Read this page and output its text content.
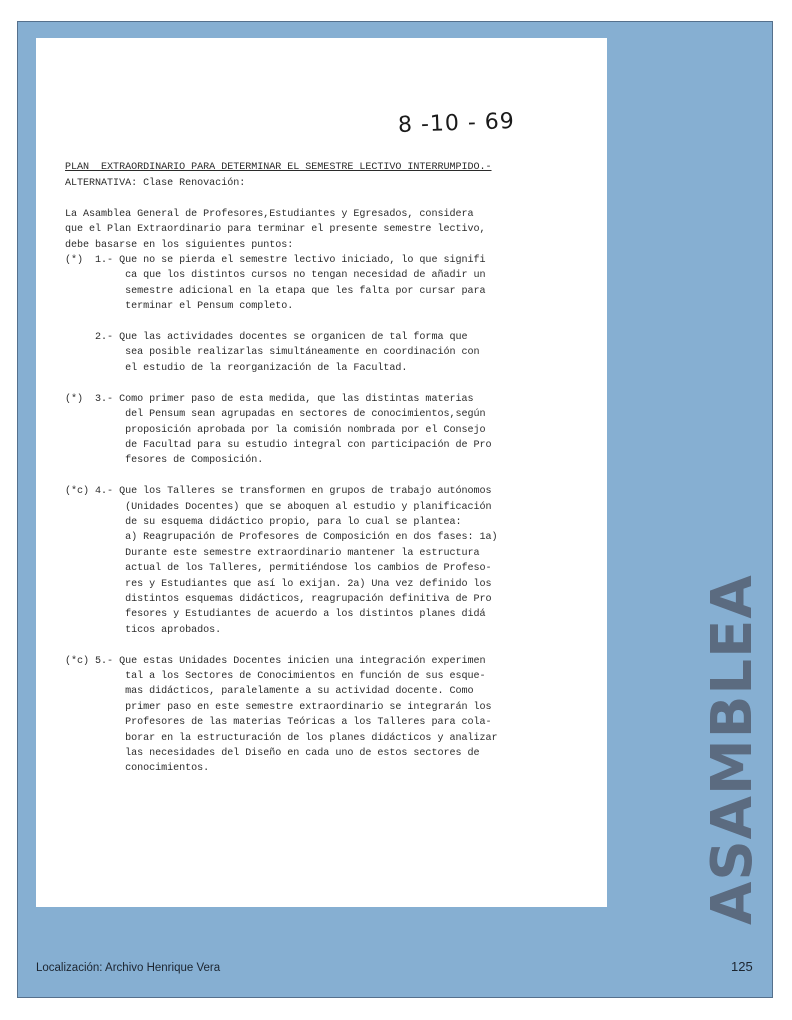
8 -10 - 69
PLAN  EXTRAORDINARIO PARA DETERMINAR EL SEMESTRE LECTIVO INTERRUMPIDO.-
ALTERNATIVA: Clase Renovación:

La Asamblea General de Profesores,Estudiantes y Egresados, considera
que el Plan Extraordinario para terminar el presente semestre lectivo,
debe basarse en los siguientes puntos:
(*)  1.- Que no se pierda el semestre lectivo iniciado, lo que signifi
ca que los distintos cursos no tengan necesidad de añadir un
semestre adicional en la etapa que les falta por cursar para
terminar el Pensum completo.

2.- Que las actividades docentes se organicen de tal forma que
sea posible realizarlas simultáneamente en coordinación con
el estudio de la reorganización de la Facultad.

(*)  3.- Como primer paso de esta medida, que las distintas materias
del Pensum sean agrupadas en sectores de conocimientos,según
proposición aprobada por la comisión nombrada por el Consejo
de Facultad para su estudio integral con participación de Pro
fesores de Composición.

(*c) 4.- Que los Talleres se transformen en grupos de trabajo autónomos
(Unidades Docentes) que se aboquen al estudio y planificación
de su esquema didáctico propio, para lo cual se plantea:
a) Reagrupación de Profesores de Composición en dos fases: 1a)
Durante este semestre extraordinario mantener la estructura
actual de los Talleres, permitiéndose los cambios de Profeso-
res y Estudiantes que así lo exijan. 2a) Una vez definido los
distintos esquemas didácticos, reagrupación definitiva de Pro
fesores y Estudiantes de acuerdo a los distintos planes didá
ticos aprobados.

(*c) 5.- Que estas Unidades Docentes inicien una integración experimen
tal a los Sectores de Conocimientos en función de sus esque-
mas didácticos, paralelamente a su actividad docente. Como
primer paso en este semestre extraordinario se integrarán los
Profesores de las materias Teóricas a los Talleres para cola-
borar en la estructuración de los planes didácticos y analizar
las necesidades del Diseño en cada uno de estos sectores de
conocimientos.	ASAMBLEA
Localización: Archivo Henrique Vera	125
